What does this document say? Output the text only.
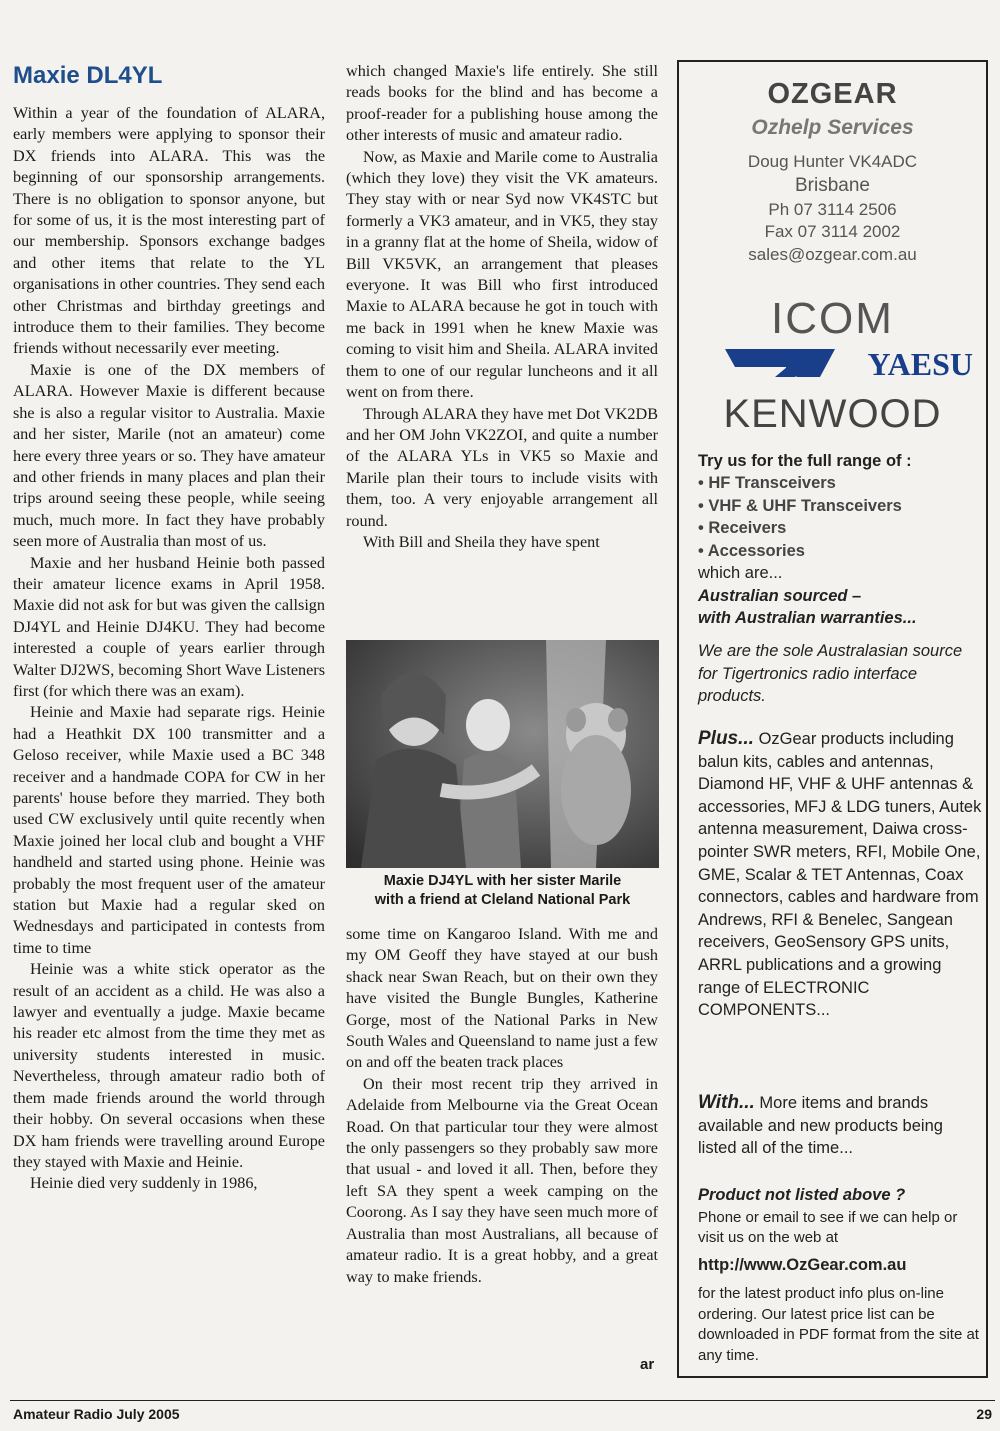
Maxie DL4YL

Within a year of the foundation of ALARA, early members were applying to sponsor their DX friends into ALARA. This was the beginning of our sponsorship arrangements. There is no obligation to sponsor anyone, but for some of us, it is the most interesting part of our membership. Sponsors exchange badges and other items that relate to the YL organisations in other countries. They send each other Christmas and birthday greetings and introduce them to their families. They become friends without necessarily ever meeting.

Maxie is one of the DX members of ALARA. However Maxie is different because she is also a regular visitor to Australia. Maxie and her sister, Marile (not an amateur) come here every three years or so. They have amateur and other friends in many places and plan their trips around seeing these people, while seeing much, much more. In fact they have probably seen more of Australia than most of us.

Maxie and her husband Heinie both passed their amateur licence exams in April 1958. Maxie did not ask for but was given the callsign DJ4YL and Heinie DJ4KU. They had become interested a couple of years earlier through Walter DJ2WS, becoming Short Wave Listeners first (for which there was an exam).

Heinie and Maxie had separate rigs. Heinie had a Heathkit DX 100 transmitter and a Geloso receiver, while Maxie used a BC 348 receiver and a handmade COPA for CW in her parents' house before they married. They both used CW exclusively until quite recently when Maxie joined her local club and bought a VHF handheld and started using phone. Heinie was probably the most frequent user of the amateur station but Maxie had a regular sked on Wednesdays and participated in contests from time to time

Heinie was a white stick operator as the result of an accident as a child. He was also a lawyer and eventually a judge. Maxie became his reader etc almost from the time they met as university students interested in music. Nevertheless, through amateur radio both of them made friends around the world through their hobby. On several occasions when these DX ham friends were travelling around Europe they stayed with Maxie and Heinie.

Heinie died very suddenly in 1986,

which changed Maxie's life entirely. She still reads books for the blind and has become a proof-reader for a publishing house among the other interests of music and amateur radio.

Now, as Maxie and Marile come to Australia (which they love) they visit the VK amateurs. They stay with or near Syd now VK4STC but formerly a VK3 amateur, and in VK5, they stay in a granny flat at the home of Sheila, widow of Bill VK5VK, an arrangement that pleases everyone. It was Bill who first introduced Maxie to ALARA because he got in touch with me back in 1991 when he knew Maxie was coming to visit him and Sheila. ALARA invited them to one of our regular luncheons and it all went on from there.

Through ALARA they have met Dot VK2DB and her OM John VK2ZOI, and quite a number of the ALARA YLs in VK5 so Maxie and Marile plan their tours to include visits with them, too. A very enjoyable arrangement all round.

With Bill and Sheila they have spent

Maxie DJ4YL with her sister Marile
with a friend at Cleland National Park

some time on Kangaroo Island. With me and my OM Geoff they have stayed at our bush shack near Swan Reach, but on their own they have visited the Bungle Bungles, Katherine Gorge, most of the National Parks in New South Wales and Queensland to name just a few on and off the beaten track places

On their most recent trip they arrived in Adelaide from Melbourne via the Great Ocean Road. On that particular tour they were almost the only passengers so they probably saw more that usual - and loved it all. Then, before they left SA they spent a week camping on the Coorong. As I say they have seen much more of Australia than most Australians, all because of amateur radio. It is a great hobby, and a great way to make friends.

ar
OZGEAR
Ozhelp Services
Doug Hunter VK4ADC
Brisbane
Ph 07 3114 2506
Fax 07 3114 2002
sales@ozgear.com.au
ICOM
YAESU
KENWOOD
Try us for the full range of :
• HF Transceivers
• VHF & UHF Transceivers
• Receivers
• Accessories
which are...
Australian sourced –
with Australian warranties...
We are the sole Australasian source for Tigertronics radio interface products.
Plus... OzGear products including balun kits, cables and antennas, Diamond HF, VHF & UHF antennas & accessories, MFJ & LDG tuners, Autek antenna measurement, Daiwa cross-pointer SWR meters, RFI, Mobile One, GME, Scalar & TET Antennas, Coax connectors, cables and hardware from Andrews, RFI & Benelec, Sangean receivers, GeoSensory GPS units, ARRL publications and a growing range of ELECTRONIC COMPONENTS...
With... More items and brands available and new products being listed all of the time...
Product not listed above ?
Phone or email to see if we can help or visit us on the web at
http://www.OzGear.com.au
for the latest product info plus on-line ordering. Our latest price list can be downloaded in PDF format from the site at any time.
Amateur Radio July 2005	29
